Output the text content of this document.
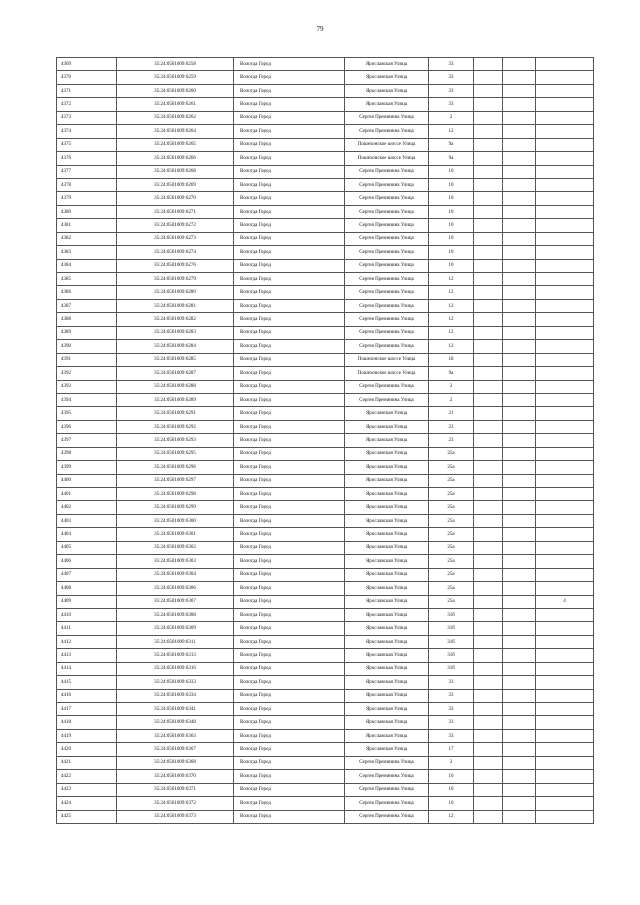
79
4369	35:24:0501009:6258	Вологда Город	Ярославская Улица	33			
4370	35:24:0501009:6259	Вологда Город	Ярославская Улица	33			
4371	35:24:0501009:6260	Вологда Город	Ярославская Улица	33			
4372	35:24:0501009:6261	Вологда Город	Ярославская Улица	33			
4373	35:24:0501009:6262	Вологда Город	Сергея Преминина Улица	2			
4374	35:24:0501009:6264	Вологда Город	Сергея Преминина Улица	12			
4375	35:24:0501009:6265	Вологда Город	Пошехонское шоссе Улица	9а			
4376	35:24:0501009:6266	Вологда Город	Пошехонское шоссе Улица	9а			
4377	35:24:0501009:6268	Вологда Город	Сергея Преминина Улица	10			
4378	35:24:0501009:6269	Вологда Город	Сергея Преминина Улица	10			
4379	35:24:0501009:6270	Вологда Город	Сергея Преминина Улица	10			
4380	35:24:0501009:6271	Вологда Город	Сергея Преминина Улица	10			
4381	35:24:0501009:6272	Вологда Город	Сергея Преминина Улица	10			
4382	35:24:0501009:6273	Вологда Город	Сергея Преминина Улица	10			
4383	35:24:0501009:6274	Вологда Город	Сергея Преминина Улица	10			
4384	35:24:0501009:6276	Вологда Город	Сергея Преминина Улица	10			
4385	35:24:0501009:6279	Вологда Город	Сергея Преминина Улица	12			
4386	35:24:0501009:6280	Вологда Город	Сергея Преминина Улица	12			
4387	35:24:0501009:6281	Вологда Город	Сергея Преминина Улица	12			
4388	35:24:0501009:6282	Вологда Город	Сергея Преминина Улица	12			
4389	35:24:0501009:6283	Вологда Город	Сергея Преминина Улица	12			
4390	35:24:0501009:6284	Вологда Город	Сергея Преминина Улица	12			
4391	35:24:0501009:6285	Вологда Город	Пошехонское шоссе Улица	18			
4392	35:24:0501009:6287	Вологда Город	Пошехонское шоссе Улица	9а			
4393	35:24:0501009:6288	Вологда Город	Сергея Преминина Улица	2			
4394	35:24:0501009:6289	Вологда Город	Сергея Преминина Улица	2			
4395	35:24:0501009:6291	Вологда Город	Ярославская Улица	21			
4396	35:24:0501009:6292	Вологда Город	Ярославская Улица	23			
4397	35:24:0501009:6293	Вологда Город	Ярославская Улица	23			
4398	35:24:0501009:6295	Вологда Город	Ярославская Улица	25а			
4399	35:24:0501009:6296	Вологда Город	Ярославская Улица	25а			
4400	35:24:0501009:6297	Вологда Город	Ярославская Улица	25а			
4401	35:24:0501009:6298	Вологда Город	Ярославская Улица	25а			
4402	35:24:0501009:6299	Вологда Город	Ярославская Улица	25а			
4403	35:24:0501009:6300	Вологда Город	Ярославская Улица	25а			
4404	35:24:0501009:6301	Вологда Город	Ярославская Улица	25а			
4405	35:24:0501009:6302	Вологда Город	Ярославская Улица	25а			
4406	35:24:0501009:6303	Вологда Город	Ярославская Улица	25а			
4407	35:24:0501009:6304	Вологда Город	Ярославская Улица	25а			
4408	35:24:0501009:6306	Вологда Город	Ярославская Улица	25а			
4409	35:24:0501009:6307	Вологда Город	Ярославская Улица	25а			4
4410	35:24:0501009:6308	Вологда Город	Ярославская Улица	31б			
4411	35:24:0501009:6309	Вологда Город	Ярославская Улица	31б			
4412	35:24:0501009:6311	Вологда Город	Ярославская Улица	31б			
4413	35:24:0501009:6313	Вологда Город	Ярославская Улица	31б			
4414	35:24:0501009:6316	Вологда Город	Ярославская Улица	31б			
4415	35:24:0501009:6333	Вологда Город	Ярославская Улица	33			
4416	35:24:0501009:6334	Вологда Город	Ярославская Улица	33			
4417	35:24:0501009:6341	Вологда Город	Ярославская Улица	33			
4418	35:24:0501009:6348	Вологда Город	Ярославская Улица	33			
4419	35:24:0501009:6363	Вологда Город	Ярославская Улица	33			
4420	35:24:0501009:6367	Вологда Город	Ярославская Улица	17			
4421	35:24:0501009:6368	Вологда Город	Сергея Преминина Улица	2			
4422	35:24:0501009:6370	Вологда Город	Сергея Преминина Улица	10			
4423	35:24:0501009:6371	Вологда Город	Сергея Преминина Улица	10			
4424	35:24:0501009:6372	Вологда Город	Сергея Преминина Улица	10			
4425	35:24:0501009:6373	Вологда Город	Сергея Преминина Улица	12			
